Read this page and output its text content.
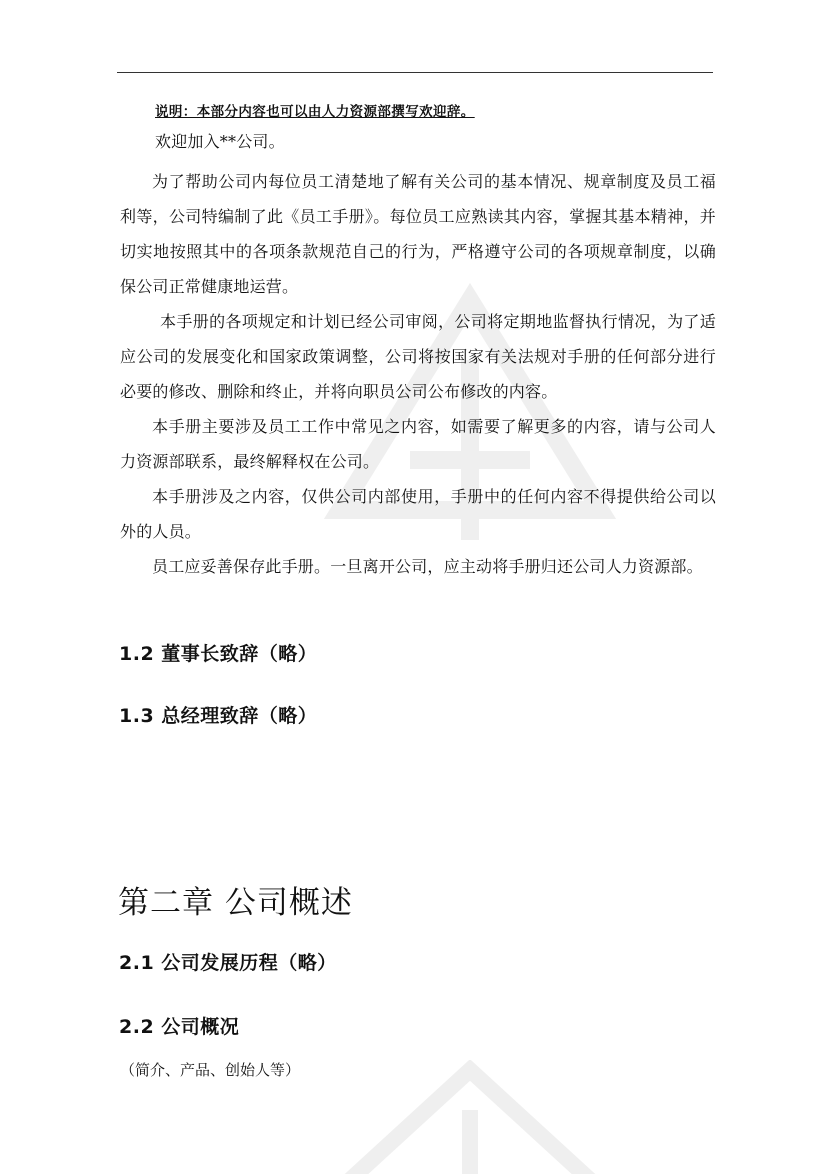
说明：本部分内容也可以由人力资源部撰写欢迎辞。
欢迎加入**公司。
为了帮助公司内每位员工清楚地了解有关公司的基本情况、规章制度及员工福利等，公司特编制了此《员工手册》。每位员工应熟读其内容，掌握其基本精神，并切实地按照其中的各项条款规范自己的行为，严格遵守公司的各项规章制度，以确保公司正常健康地运营。
本手册的各项规定和计划已经公司审阅，公司将定期地监督执行情况，为了适应公司的发展变化和国家政策调整，公司将按国家有关法规对手册的任何部分进行必要的修改、删除和终止，并将向职员公司公布修改的内容。
本手册主要涉及员工工作中常见之内容，如需要了解更多的内容，请与公司人力资源部联系，最终解释权在公司。
本手册涉及之内容，仅供公司内部使用，手册中的任何内容不得提供给公司以外的人员。
员工应妥善保存此手册。一旦离开公司，应主动将手册归还公司人力资源部。
1.2 董事长致辞（略）
1.3 总经理致辞（略）
第二章 公司概述
2.1 公司发展历程（略）
2.2 公司概况
（简介、产品、创始人等）
